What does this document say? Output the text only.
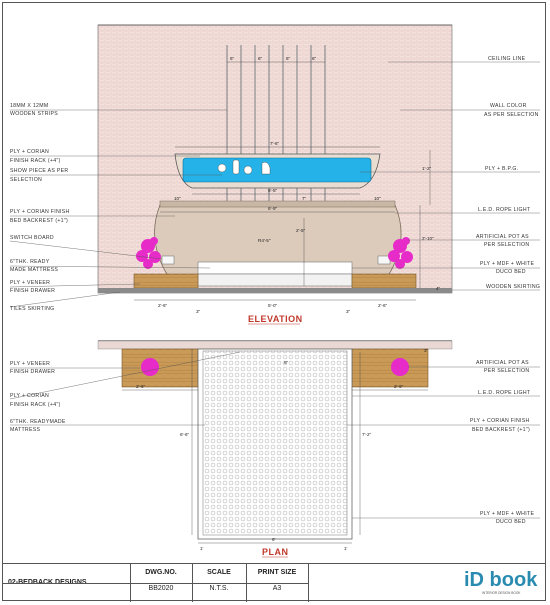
6"	6"	6"	6"
7'-6"
6'-5"
6'-9"
2'-5"
R4'-5"
10"	10"
7"
1'-2"
2'-10"
2'-6"	5'-0"	2'-6"
3"	3"
4"
ELEVATION
18MM X 12MM
WOODEN STRIPS
PLY + CORIAN
FINISH RACK (+4")
SHOW PIECE AS PER
SELECTION
PLY + CORIAN FINISH
BED BACKREST (+1")
SWITCH BOARD
6"THK. READY
MADE MATTRESS
PLY + VENEER
FINISH DRAWER
TILES SKIRTING
CEILING LINE
WALL COLOR
AS PER SELECTION
PLY + B.P.G.
L.E.D. ROPE LIGHT
ARTIFICIAL POT AS
PER SELECTION
PLY + MDF + WHITE
DUCO BED
WOODEN SKIRTING
2'-6"	2'-6"
6'-6"	7'-2"
6'
1'	1'
6"
3"
PLAN
PLY + VENEER
FINISH DRAWER
PLY + CORIAN
FINISH RACK (+4")
6"THK. READYMADE
MATTRESS
ARTIFICIAL POT AS
PER SELECTION
L.E.D. ROPE LIGHT
PLY + CORIAN FINISH
BED BACKREST (+1")
PLY + MDF + WHITE
DUCO BED
02-BEDBACK DESIGNS
DWG.NO.
BB2020
SCALE
N.T.S.
PRINT SIZE
A3	iD book
INTERIOR DESIGN BOOK
